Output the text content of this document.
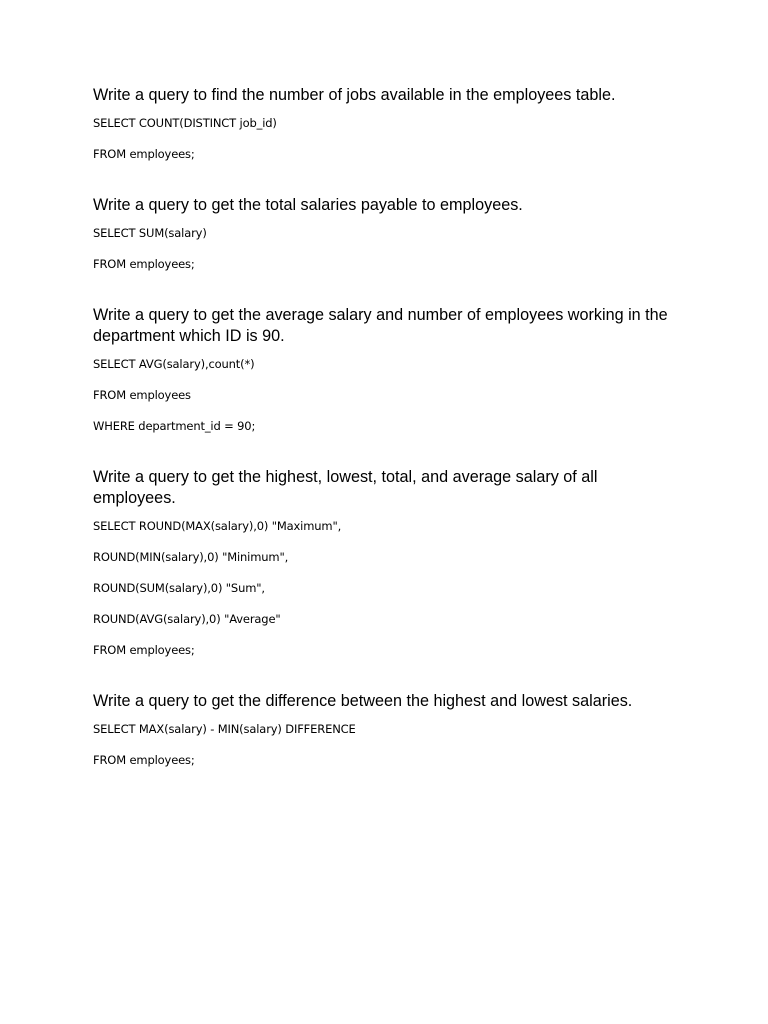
Write a query to find the number of jobs available in the employees table.

SELECT COUNT(DISTINCT job_id)

FROM employees;

Write a query to get the total salaries payable to employees.

SELECT SUM(salary)

FROM employees;

Write a query to get the average salary and number of employees working in the department which ID is 90.

SELECT AVG(salary),count(*)

FROM employees

WHERE department_id = 90;

Write a query to get the highest, lowest, total, and average salary of all employees.

SELECT ROUND(MAX(salary),0) "Maximum",

ROUND(MIN(salary),0) "Minimum",

ROUND(SUM(salary),0) "Sum",

ROUND(AVG(salary),0) "Average"

FROM employees;

Write a query to get the difference between the highest and lowest salaries.

SELECT MAX(salary) - MIN(salary) DIFFERENCE

FROM employees;
